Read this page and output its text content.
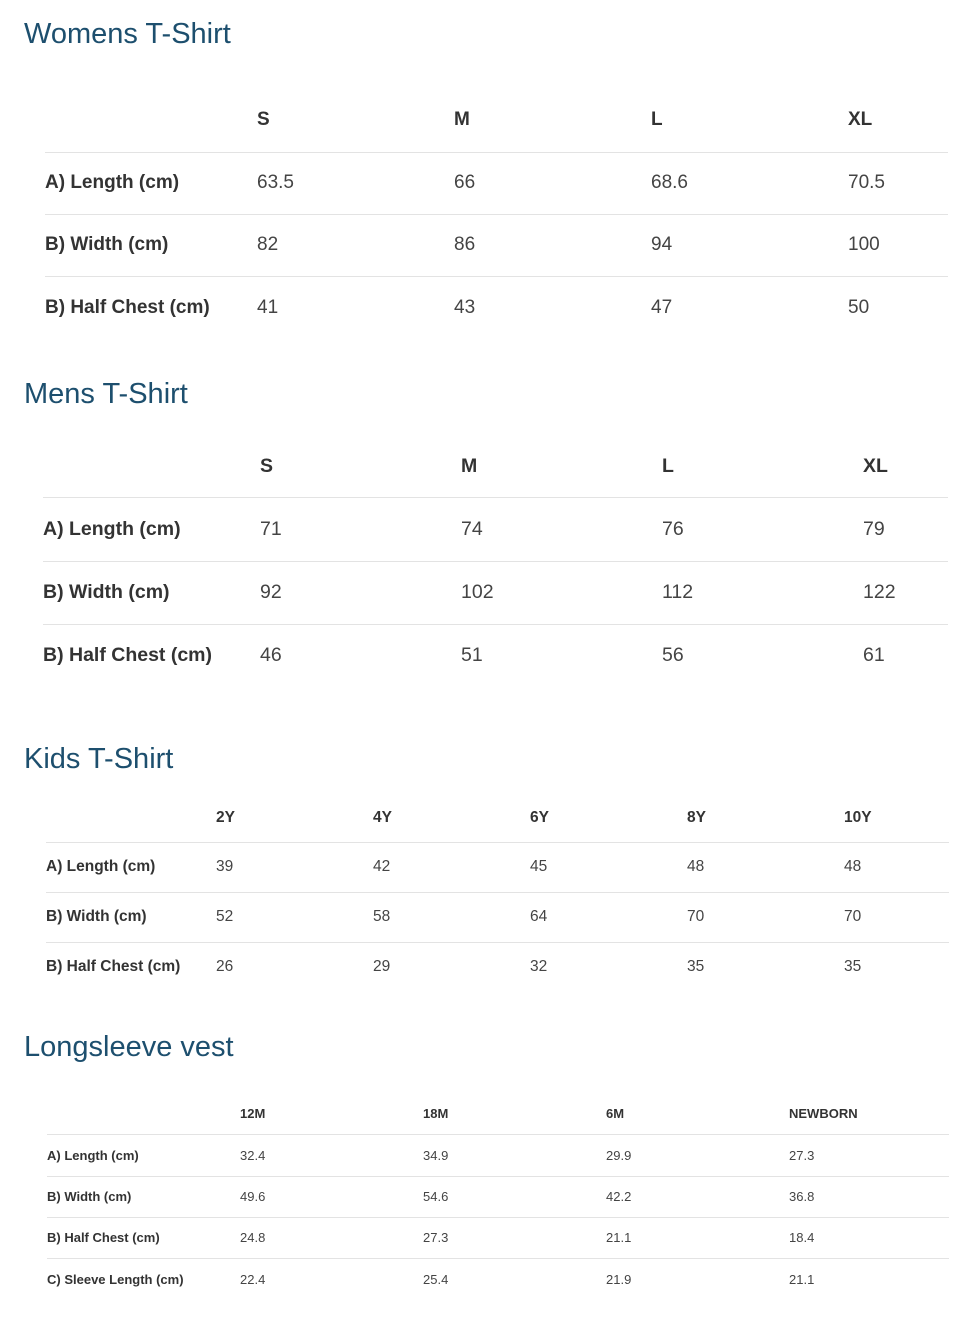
Womens T-Shirt
	S	M	L	XL
A) Length (cm)	63.5	66	68.6	70.5
B) Width (cm)	82	86	94	100
B) Half Chest (cm)	41	43	47	50
Mens T-Shirt
	S	M	L	XL
A) Length (cm)	71	74	76	79
B) Width (cm)	92	102	112	122
B) Half Chest (cm)	46	51	56	61
Kids T-Shirt
	2Y	4Y	6Y	8Y	10Y
A) Length (cm)	39	42	45	48	48
B) Width (cm)	52	58	64	70	70
B) Half Chest (cm)	26	29	32	35	35
Longsleeve vest
	12M	18M	6M	NEWBORN
A) Length (cm)	32.4	34.9	29.9	27.3
B) Width (cm)	49.6	54.6	42.2	36.8
B) Half Chest (cm)	24.8	27.3	21.1	18.4
C) Sleeve Length (cm)	22.4	25.4	21.9	21.1
